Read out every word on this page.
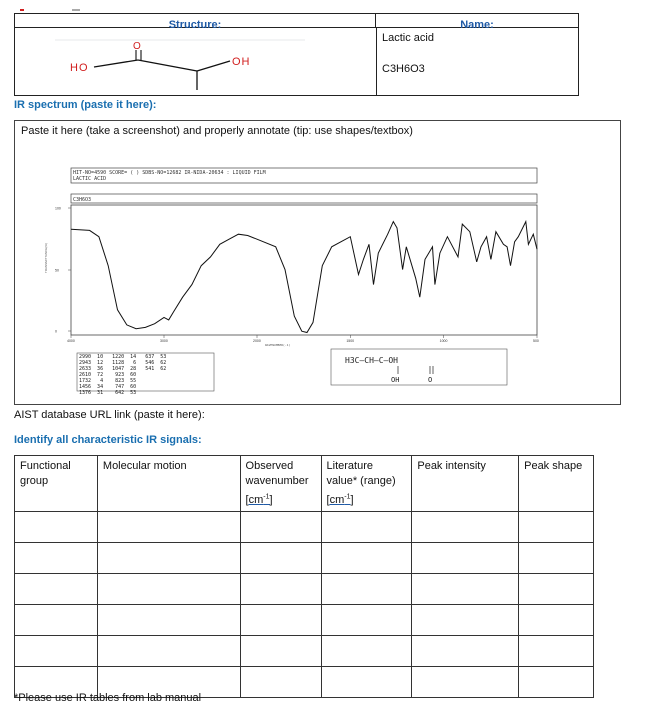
Structure:	Name:
HO
O
OH
Lactic acid
C3H6O3
IR spectrum (paste it here):
Paste it here (take a screenshot) and properly annotate (tip: use shapes/textbox)
HIT-NO=4590 SCORE= ( ) SDBS-NO=12682 IR-NIDA-20634 : LIQUID FILM
LACTIC ACID
C3H6O3
100
50
0
4000	3000	2000	1500	1000	500
TRANSMITTANCE(%)
WAVENUMBER(-1)
2990  10   1220  14   637  53
2943  12   1128   6   546  62
2633  36   1047  28   541  62
2610  72    923  60
1732   4    823  55
1456  34    747  60
1376  31    642  53
H3C—CH—C—OH
OH	O
AIST database URL link (paste it here):
Identify all characteristic IR signals:
Functional
group	Molecular motion	Observed
wavenumber
$[cm^{-1}]$	Literature
value* (range)
$[cm^{-1}]$	Peak intensity	Peak shape

*Please use IR tables from lab manual
